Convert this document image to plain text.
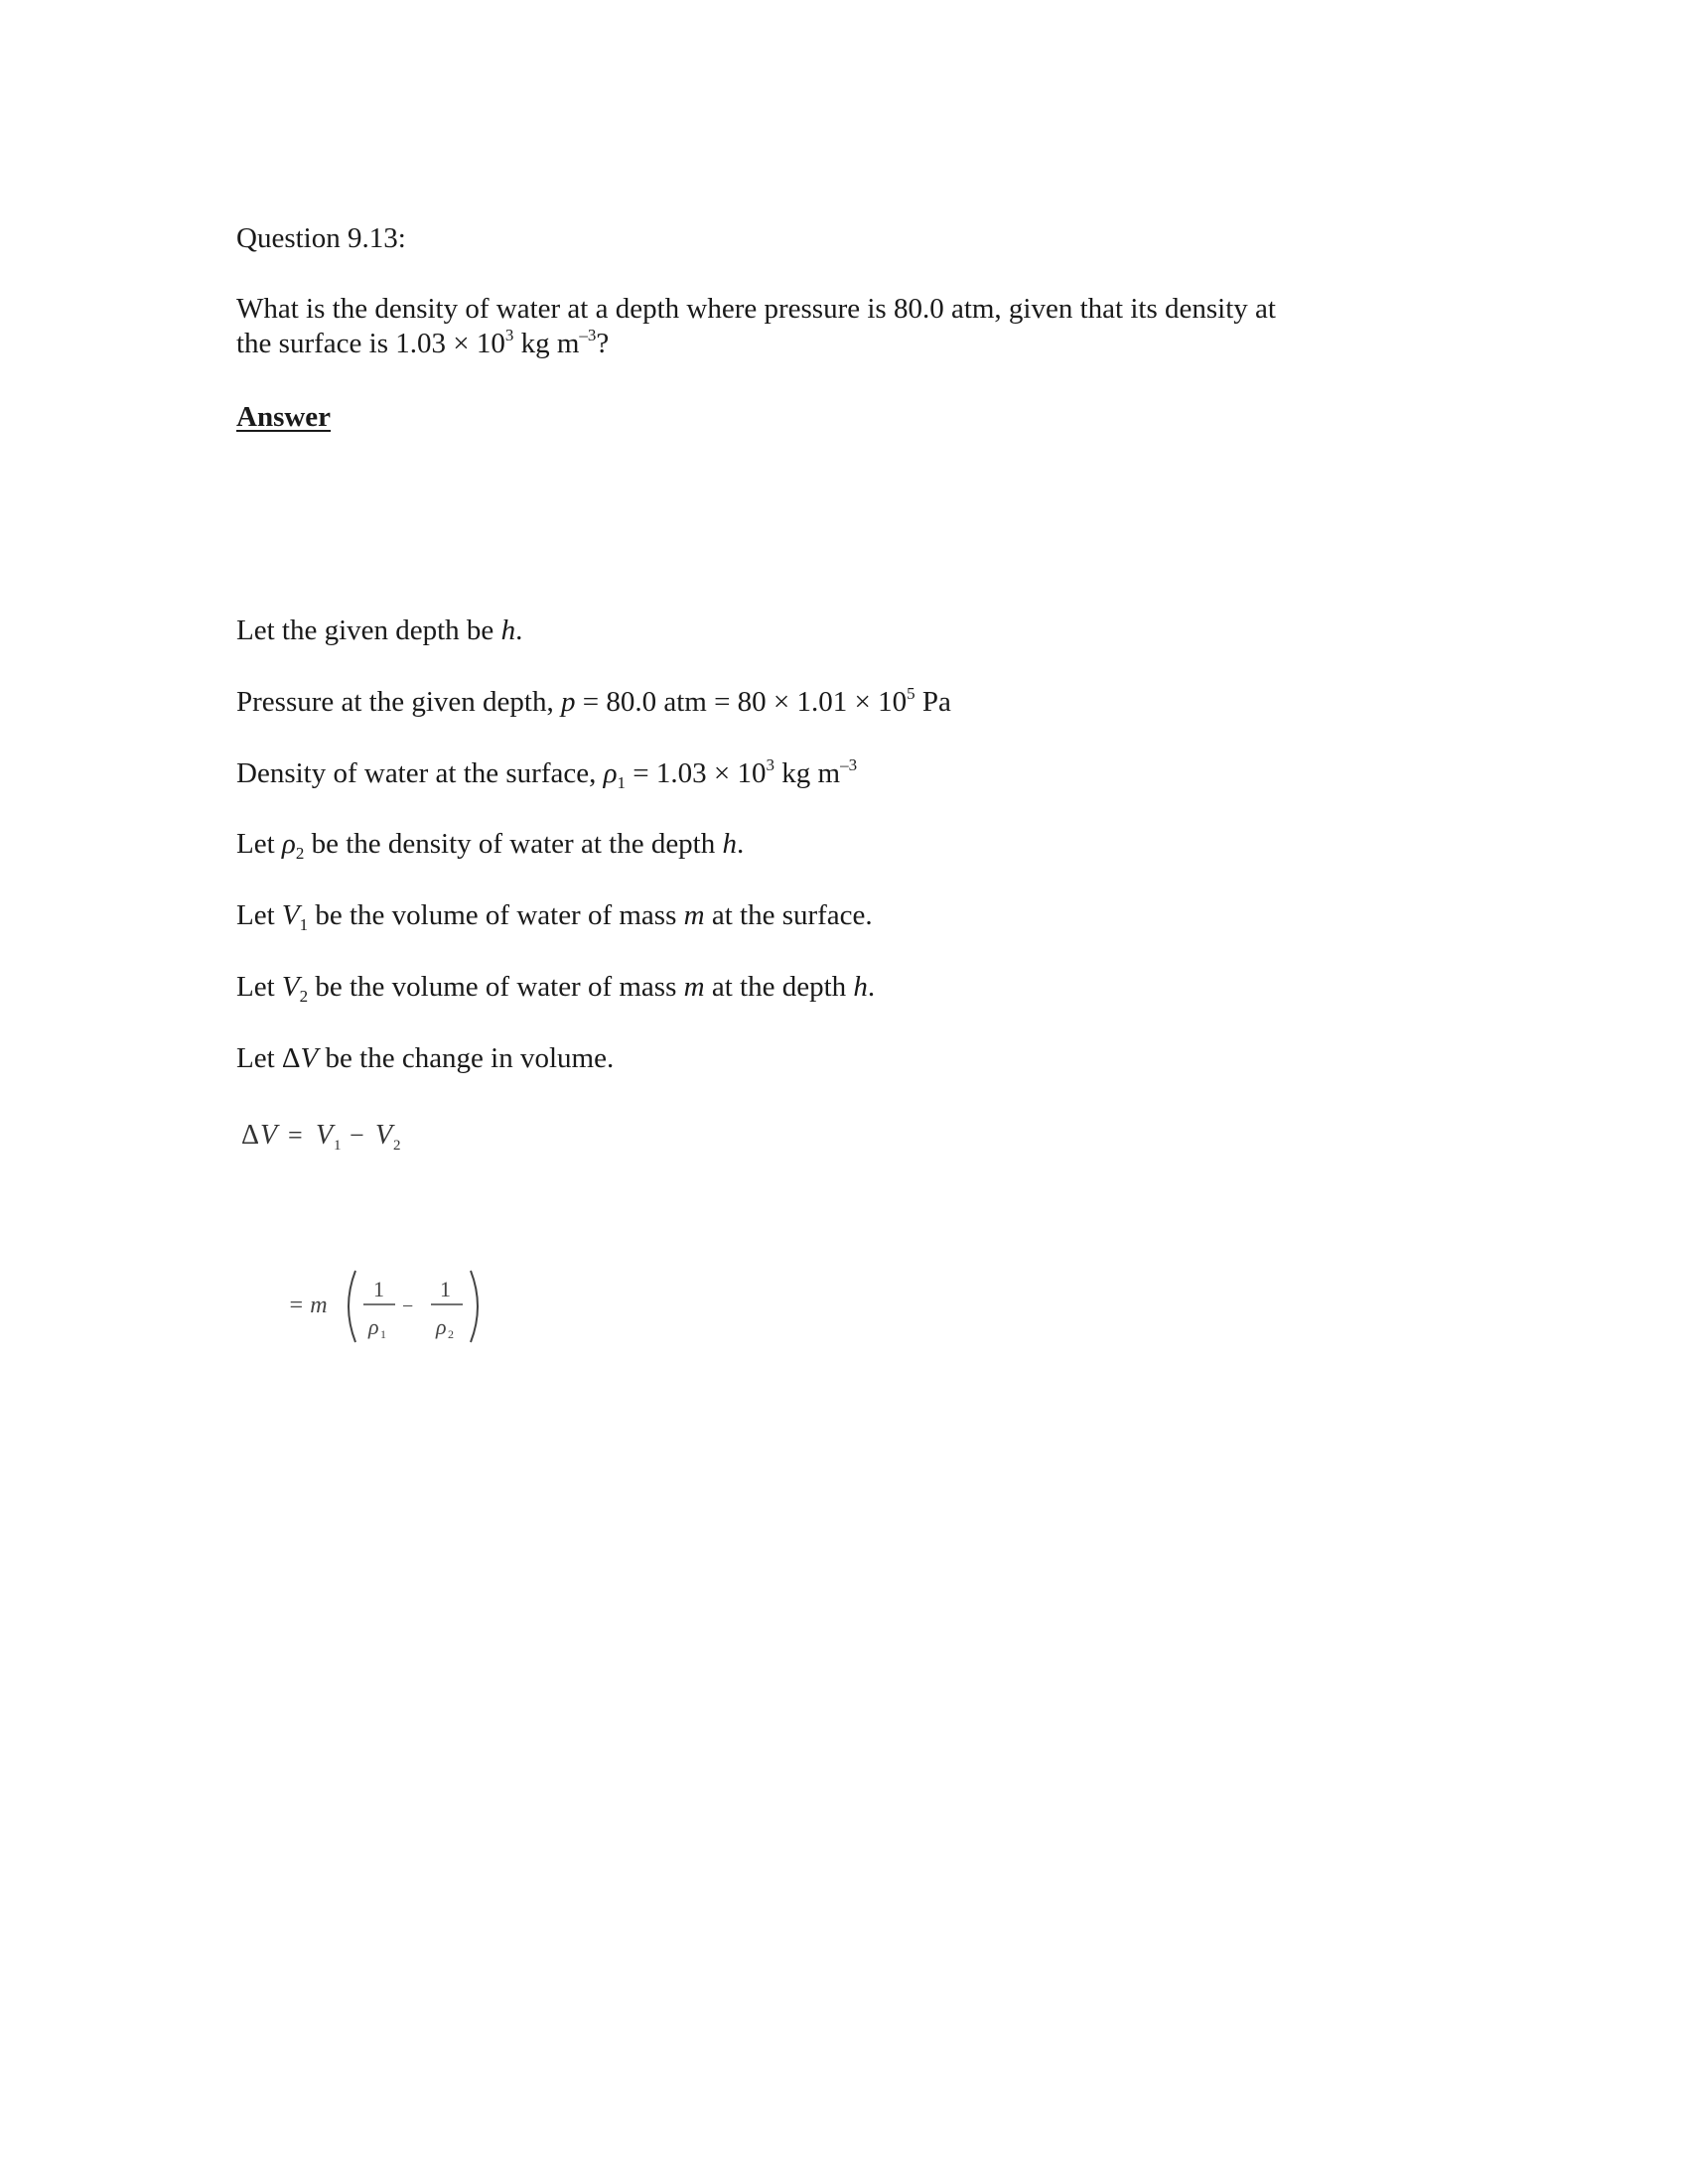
Question 9.13:
What is the density of water at a depth where pressure is 80.0 atm, given that its density at
the surface is $1.03 \times 10^3$ kg $m^{-3}$?
Answer
Let the given depth be h.
Pressure at the given depth, p = 80.0 atm = $80 \times 1.01 \times 10^5$ Pa
Density of water at the surface, $\rho_1 = 1.03 \times 10^3$ kg $m^{-3}$
Let $\rho_2$ be the density of water at the depth h.
Let $V_1$ be the volume of water of mass m at the surface.
Let $V_2$ be the volume of water of mass m at the depth h.
Let ΔV be the change in volume.
Δ V = V 1 − V 2
= m
1
ρ 1
−
1
ρ 2
